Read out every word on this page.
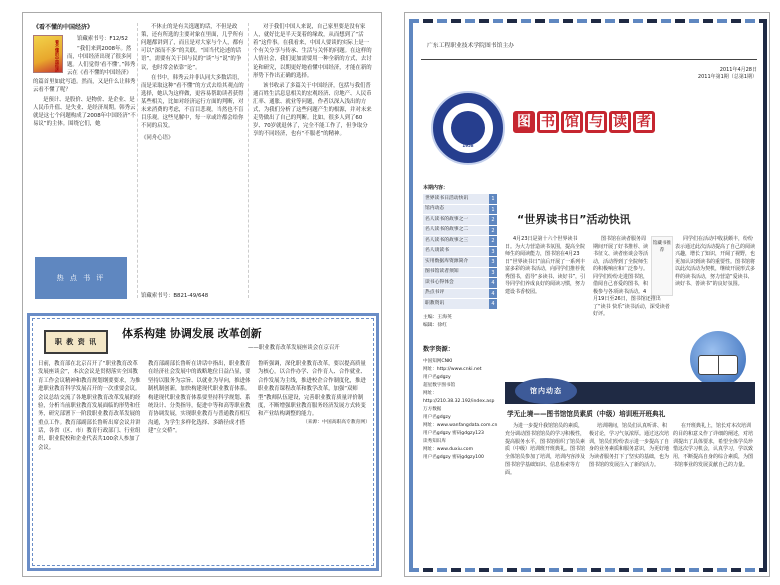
《看不懂的中国经济》
看不懂的中国经济
馆藏索书号：F12/52
“我们来到2008年。然而，中国经济出现了很多问题。人们觉得‘看不懂’。”韩秀云在《看不懂的中国经济》的篇首里如此写道。然而，又是什么让韩秀云看不懂了呢？
是预计、是股价、是物价、是企业、是人民币升值、是失业、是经济周期。韩秀云就是这七个问题构成了2008年中国经济“不易议”的主体。围绕它们，她
不休止的是有关选题的话，不但是政策，还有所选的主要对象在里面，几乎所有问题都讲到了，而且是对大家与个人，都有可以“深而不多”的关联。“国当代论述的话语”，需要有关于国与民的“谈”与“说”的争议，也时常会依靠“论”。
在书中，韩秀云并非认同大多数话语，而是采取这种“看不懂”的方式去给其观点的选择，她认为这样做，更容易帮助读者获得某些相关，比如对经济运行方面的判断，对未来消费的考虑，不盲目悲观，当然也不盲目乐观。这些见解中，每一章或许都会给你不同的启发。
《同舟心语》
对于我们中国人来说，自己家里要是没有家人，就好比是半天变着的缘故，从而想到了“活着”这件事。在我看来，中国人要谈的实际上是一个有关分享与传承、生活与关怀的问题。在这样的人情社会，我们更加需要用一种全新的方式，去讨论和研究，以期更好地看懂中国经济，才能在新的形势下作出正确的选择。
该书收录了多篇关于中国经济，包括与我们普通百姓生活息息相关的宏观经济、房地产、人民币汇率、通胀、就业等问题，作者以深入浅出的方式，为我们分析了这些问题产生的根源，并对未来走势做出了自己的判断。比如，很多人到了60岁、70岁就退休了，完全不能工作了，但争取分享的不同经济，也有“不服老”的精神。
热 点 书 评
馆藏索书号：B821-49/648
职 教 资 讯
体系构建 协调发展 改革创新
——职业教育改革发展座谈会在京召开

日前，教育部在北京召开了“职业教育改革发展座谈会”，本次会议是贯彻落实全国教育工作会议精神和教育规划纲要要求，为推进职业教育科学发展召开的一次重要会议。会议总结交流了各地职业教育改革发展的经验，分析当前职业教育发展面临的形势和任务，研究部署下一阶段职业教育改革发展的重点工作。教育部副部长鲁昕出席会议并讲话，各省（区、市）教育行政部门、行业组织、职业院校和企业代表共100余人参加了会议。

教育部副部长鲁昕在讲话中指出，职业教育在经济社会发展中的战略地位日益凸显，要坚持以服务为宗旨、以就业为导向，推进体制机制创新，加快构建现代职业教育体系。构建现代职业教育体系要坚持科学规划、系统设计、分类指导，促进中等和高等职业教育协调发展，实现职业教育与普通教育相互沟通，为学生多样化选择、多路径成才搭建“立交桥”。

鲁昕强调，深化职业教育改革，要以提高质量为核心，以合作办学、合作育人、合作就业、合作发展为主线，推进校企合作制度化，推进职业教育课程改革和教学改革，加强“双师型”教师队伍建设，完善职业教育质量评价制度，不断增强职业教育服务经济发展方式转变和产业结构调整的能力。

（来源：中国高职高专教育网）

广东工程职业技术学院图书馆主办
2011年4月28日
2011年第1期（总第1期）
1958
图 书 馆 与 读 者
本期内容：
世界读书日活动快讯	1
馆内动态	1
名人读书的故事之一	2
名人读书的故事之二	2
名人读书的故事之三	2
名人谈读书	3
实用数据库资源简介	3
图书馆读者须知	3
读书心得体会	4
热点书评	4
职教资讯	4
主编：王海英
编辑：徐红
数字资源：
中国知网CNKI
网址：http://www.cnki.net
用户名gdgzy
超星数字图书馆
网址：http://210.38.32.192/index.asp
万方数据
用户名gdgzy
网址：www.wanfangdata.com.cn
用户名gdgzy 密码gdgzy123
读秀知识库
网址：www.duxiu.com
用户名gdgzy 密码gdgzy100
“世界读书日”活动快讯

4月23日是第十六个世界读书日。为大力营造读书氛围，提高全院师生的阅读能力，图书馆在4月23日“世界读书日”前后开展了一系列丰富多彩的读书活动，向同学们推荐优秀图书，倡导“多读书、读好书”，引导同学们养成良好的阅读习惯，努力建设书香校园。

馆藏书推荐

图书馆在读者服务周期间开展了好书推荐、读书征文、读者座谈会等活动，活动得到了全院师生的积极响应和广泛参与。同学们纷纷走进图书馆，借阅自己喜爱的图书，积极参与各项读书活动。4月19日至26日，图书馆还推出了“读书 快乐”读书活动，深受读者好评。

同学们在活动中收获颇丰，纷纷表示通过此次活动提高了自己的阅读兴趣，增长了知识，开阔了视野，也更加认识到读书的重要性。图书馆将以此次活动为契机，继续开展形式多样的读书活动，努力营造“爱读书、读好书、善读书”的良好氛围。

馆内动态
学无止境——图书馆馆员素质（中级）培训班开班典礼

为进一步提升我馆馆员的素质，充分调动图书馆馆员的学习积极性，提高服务水平，图书馆组织了馆员素质（中级）培训班开班典礼。图书馆全体馆员参加了培训，培训内容涉及图书馆学基础知识、信息检索等方面。

培训期间，馆员们认真听讲、积极讨论，学习气氛浓厚。通过这次培训，馆员们纷纷表示进一步提高了自身的业务素质和服务意识，为更好地为读者服务打下了坚实的基础，也为图书馆的发展注入了新的活力。

在开班典礼上，馆长对本次培训的目的和意义作了详细的阐述，对培训提出了具体要求，希望全体学员珍惜这次学习机会，认真学习，学以致用，不断提高自身的综合素质，为图书馆事业的发展贡献自己的力量。
